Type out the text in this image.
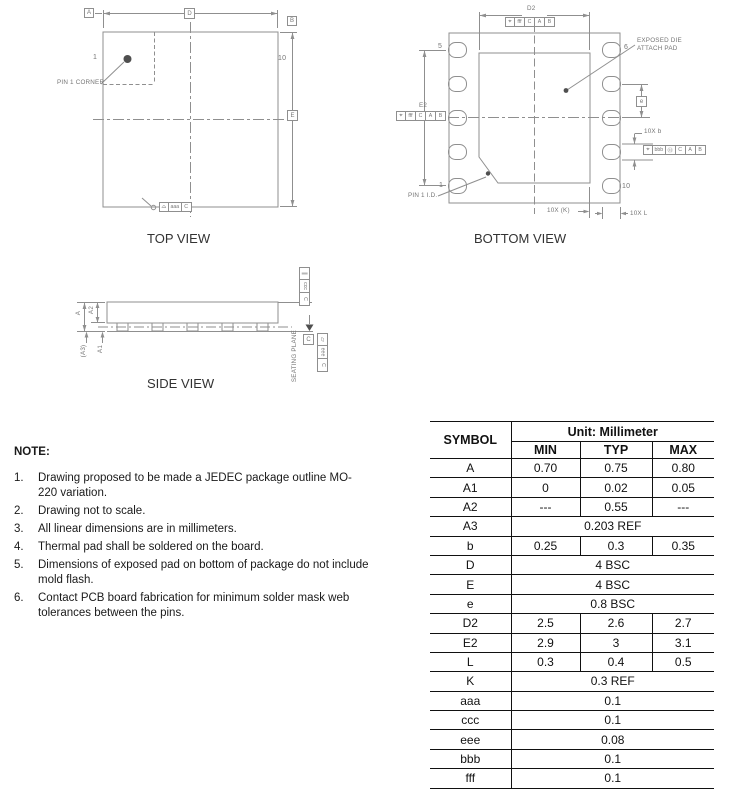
A	D
B
E
1	10
PIN 1 CORNER
⌓ aaa C
TOP VIEW
D2
⌖ fff C A B
E2
⌖ fff C A B
EXPOSED DIE
ATTACH PAD
e
10X b
⌖ bbb Ⓜ C A B
5	6
1	10
PIN 1 I.D.
10X (K)	10X L
BOTTOM VIEW
A A2
(A3) A1
∥
ccc
C
SEATING PLANE	C	▱
eee
C
SIDE VIEW
NOTE:
1.	Drawing proposed to be made a JEDEC package outline MO-
220 variation.
2.	Drawing not to scale.
3.	All linear dimensions are in millimeters.
4.	Thermal pad shall be soldered on the board.
5.	Dimensions of exposed pad on bottom of package do not include
mold flash.
6.	Contact PCB board fabrication for minimum solder mask web
tolerances between the pins.
SYMBOL	Unit: Millimeter		
	MIN	TYP	MAX
A	0.70	0.75	0.80
A1	0	0.02	0.05
A2	---	0.55	---
A3	0.203 REF		
b	0.25	0.3	0.35
D	4 BSC		
E	4 BSC		
e	0.8 BSC		
D2	2.5	2.6	2.7
E2	2.9	3	3.1
L	0.3	0.4	0.5
K	0.3 REF		
aaa	0.1		
ccc	0.1		
eee	0.08		
bbb	0.1		
fff	0.1		
